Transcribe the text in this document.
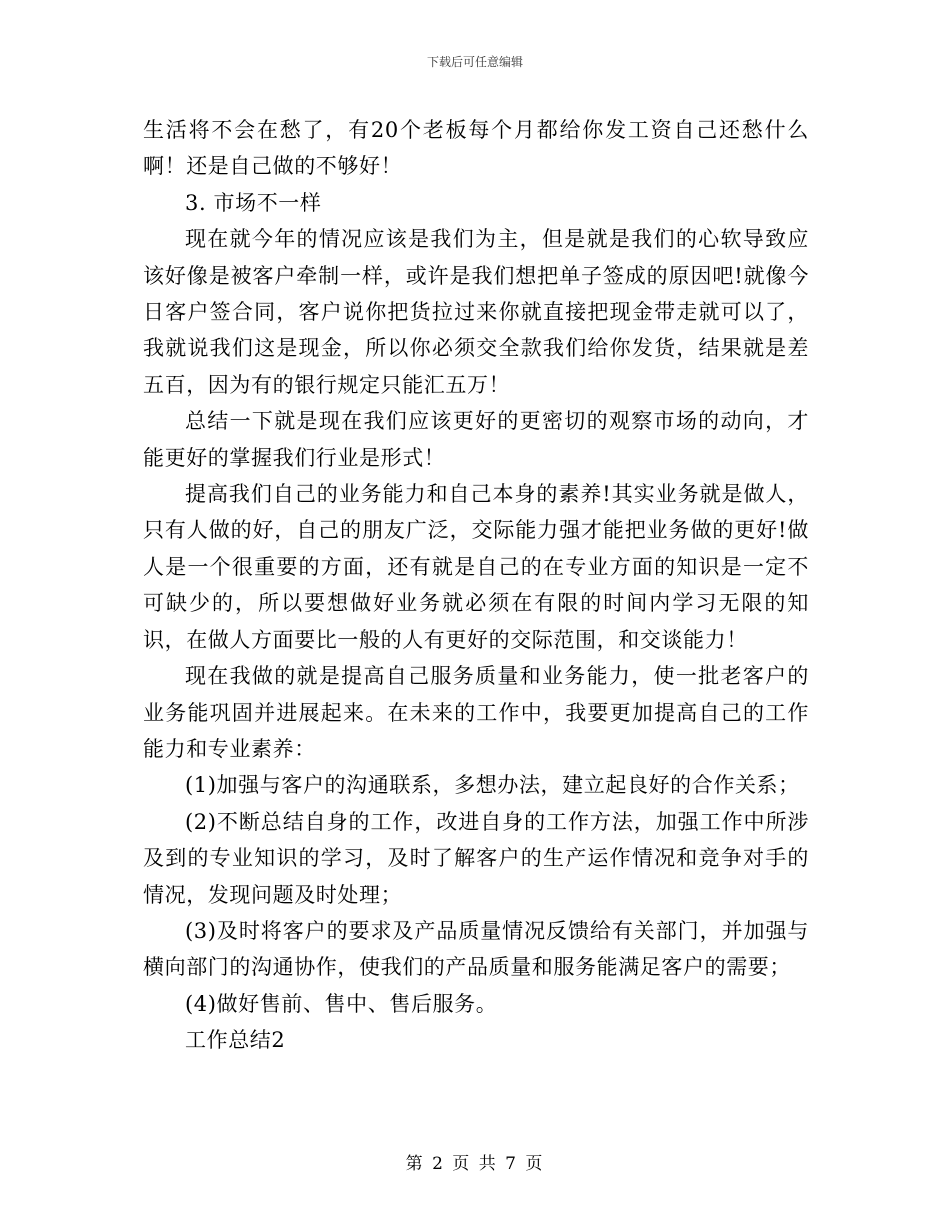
下载后可任意编辑

生活将不会在愁了，有20个老板每个月都给你发工资自己还愁什么啊！还是自己做的不够好！

3. 市场不一样

现在就今年的情况应该是我们为主，但是就是我们的心软导致应该好像是被客户牵制一样，或许是我们想把单子签成的原因吧!就像今日客户签合同，客户说你把货拉过来你就直接把现金带走就可以了，我就说我们这是现金，所以你必须交全款我们给你发货，结果就是差五百，因为有的银行规定只能汇五万！

总结一下就是现在我们应该更好的更密切的观察市场的动向，才能更好的掌握我们行业是形式！

提高我们自己的业务能力和自己本身的素养!其实业务就是做人，只有人做的好，自己的朋友广泛，交际能力强才能把业务做的更好!做人是一个很重要的方面，还有就是自己的在专业方面的知识是一定不可缺少的，所以要想做好业务就必须在有限的时间内学习无限的知识，在做人方面要比一般的人有更好的交际范围，和交谈能力！

现在我做的就是提高自己服务质量和业务能力，使一批老客户的业务能巩固并进展起来。在未来的工作中，我要更加提高自己的工作能力和专业素养：

(1)加强与客户的沟通联系，多想办法，建立起良好的合作关系；

(2)不断总结自身的工作，改进自身的工作方法，加强工作中所涉及到的专业知识的学习，及时了解客户的生产运作情况和竞争对手的情况，发现问题及时处理；

(3)及时将客户的要求及产品质量情况反馈给有关部门，并加强与横向部门的沟通协作，使我们的产品质量和服务能满足客户的需要；

(4)做好售前、售中、售后服务。

工作总结2

第 2 页 共 7 页
